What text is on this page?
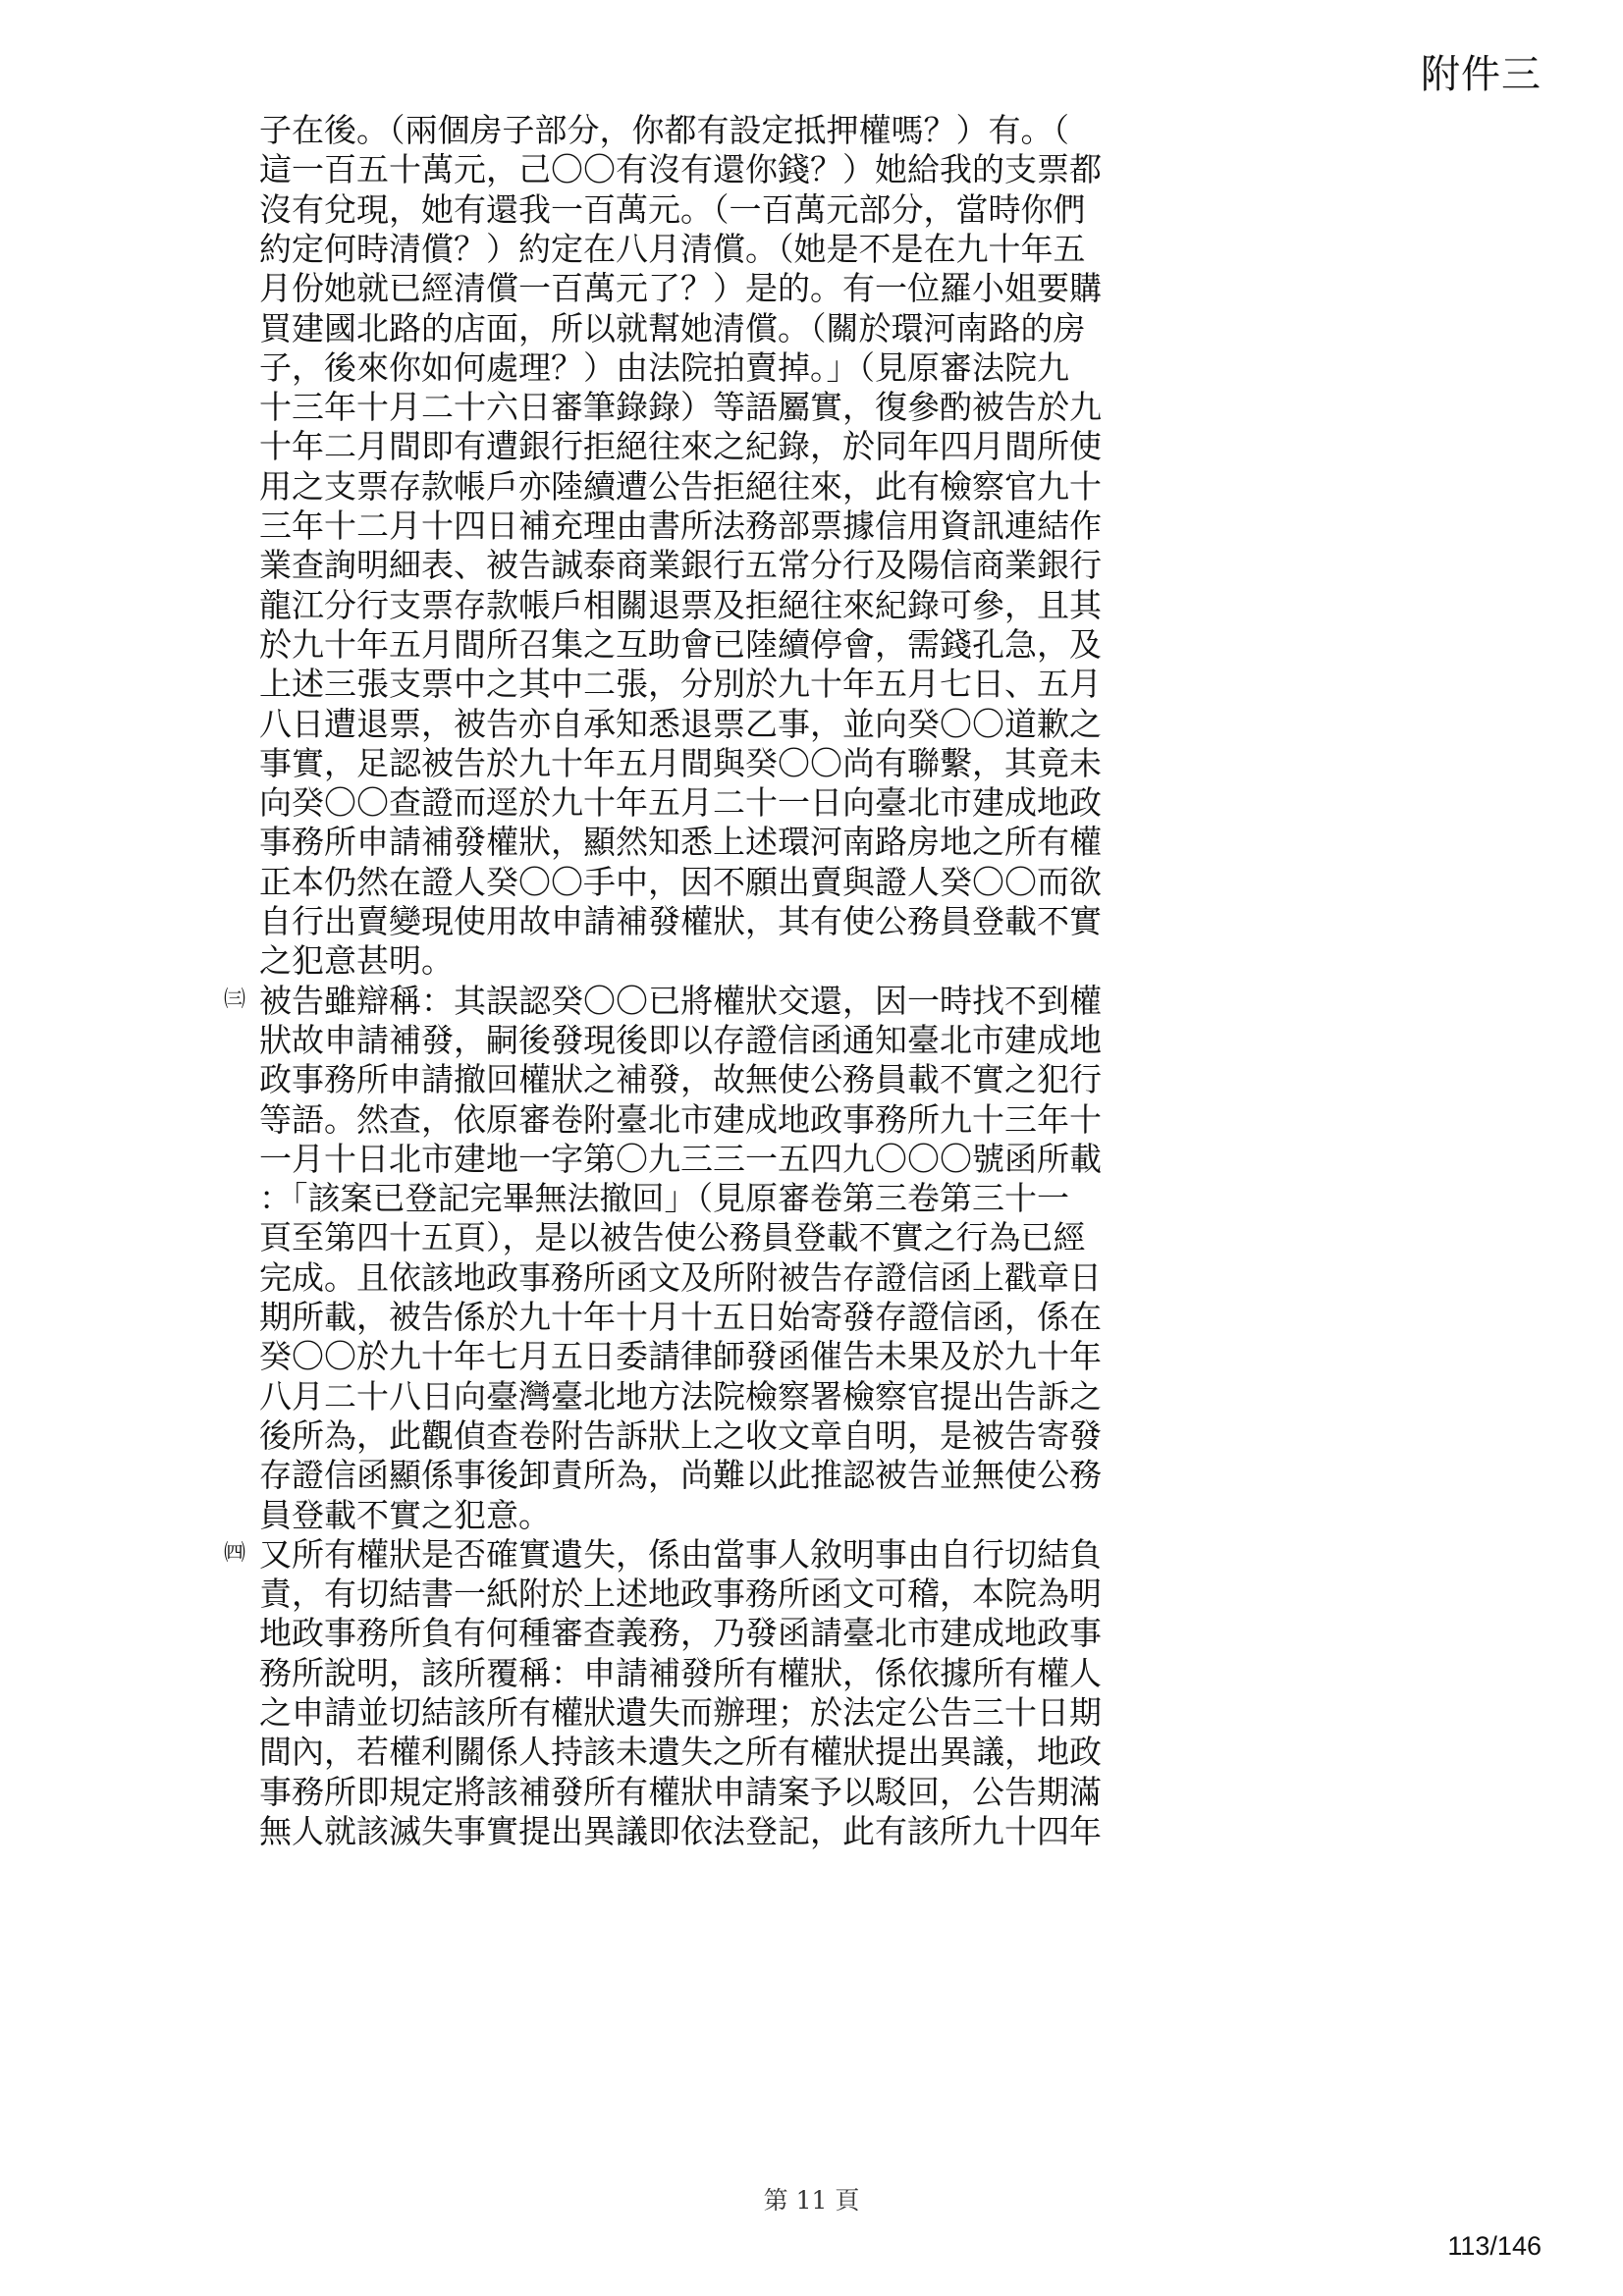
附件三
子在後。（兩個房子部分，你都有設定抵押權嗎？）有。（
這一百五十萬元，己〇〇有沒有還你錢？）她給我的支票都
沒有兌現，她有還我一百萬元。（一百萬元部分，當時你們
約定何時清償？）約定在八月清償。（她是不是在九十年五
月份她就已經清償一百萬元了？）是的。有一位羅小姐要購
買建國北路的店面，所以就幫她清償。（關於環河南路的房
子，後來你如何處理？）由法院拍賣掉。」（見原審法院九
十三年十月二十六日審筆錄錄）等語屬實，復參酌被告於九
十年二月間即有遭銀行拒絕往來之紀錄，於同年四月間所使
用之支票存款帳戶亦陸續遭公告拒絕往來，此有檢察官九十
三年十二月十四日補充理由書所法務部票據信用資訊連結作
業查詢明細表、被告誠泰商業銀行五常分行及陽信商業銀行
龍江分行支票存款帳戶相關退票及拒絕往來紀錄可參，且其
於九十年五月間所召集之互助會已陸續停會，需錢孔急，及
上述三張支票中之其中二張，分別於九十年五月七日、五月
八日遭退票，被告亦自承知悉退票乙事，並向癸〇〇道歉之
事實，足認被告於九十年五月間與癸〇〇尚有聯繫，其竟未
向癸〇〇查證而逕於九十年五月二十一日向臺北市建成地政
事務所申請補發權狀，顯然知悉上述環河南路房地之所有權
正本仍然在證人癸〇〇手中，因不願出賣與證人癸〇〇而欲
自行出賣變現使用故申請補發權狀，其有使公務員登載不實
之犯意甚明。
㈢ 被告雖辯稱：其誤認癸〇〇已將權狀交還，因一時找不到權
狀故申請補發，嗣後發現後即以存證信函通知臺北市建成地
政事務所申請撤回權狀之補發，故無使公務員載不實之犯行
等語。然查，依原審卷附臺北市建成地政事務所九十三年十
一月十日北市建地一字第〇九三三一五四九〇〇〇號函所載
：「該案已登記完畢無法撤回」（見原審卷第三卷第三十一
頁至第四十五頁），是以被告使公務員登載不實之行為已經
完成。且依該地政事務所函文及所附被告存證信函上戳章日
期所載，被告係於九十年十月十五日始寄發存證信函，係在
癸〇〇於九十年七月五日委請律師發函催告未果及於九十年
八月二十八日向臺灣臺北地方法院檢察署檢察官提出告訴之
後所為，此觀偵查卷附告訴狀上之收文章自明，是被告寄發
存證信函顯係事後卸責所為，尚難以此推認被告並無使公務
員登載不實之犯意。
㈣ 又所有權狀是否確實遺失，係由當事人敘明事由自行切結負
責，有切結書一紙附於上述地政事務所函文可稽，本院為明
地政事務所負有何種審查義務，乃發函請臺北市建成地政事
務所說明，該所覆稱：申請補發所有權狀，係依據所有權人
之申請並切結該所有權狀遺失而辦理；於法定公告三十日期
間內，若權利關係人持該未遺失之所有權狀提出異議，地政
事務所即規定將該補發所有權狀申請案予以駁回，公告期滿
無人就該滅失事實提出異議即依法登記，此有該所九十四年
第 11 頁
113/146
